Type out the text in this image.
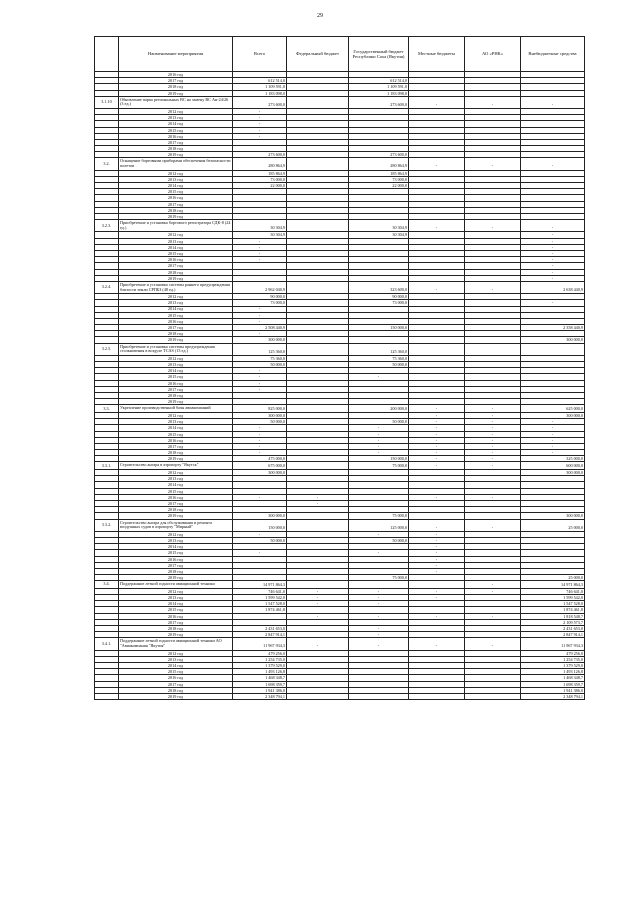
29
	Наименование мероприятия	Всего	Федеральный бюджет	Государственный бюджет Республики Саха (Якутия)	Местные бюджеты	АО «РНК»	Внебюджетные средства
	2016 год						
	2017 год	612 514,0		612 514,0			
	2018 год	1 109 591,0		1 109 591,0			
	2019 год	1 183 098,0		1 183 098,0			
3.1.10	Обновление парка региональных ВС на замену ВС Ан-24/26 (3 ед.)	273 600,0		273 600,0	-	-	-
	2012 год	-					
	2013 год	-					
	2014 год	-					
	2015 год	-					
	2016 год	-					
	2017 год						
	2018 год						
	2019 год	273 600,0		273 600,0			
3.2.	Оснащение бортовыми приборами обеспечения безопасности полетов	280 864,9		280 864,9	-	-	-
	2012 год	185 864,9		185 864,9			
	2013 год	73 000,0		73 000,0			
	2014 год	22 000,0		22 000,0			
	2015 год						
	2016 год						
	2017 год						
	2018 год						
	2019 год						
3.2.3.	Приобретение и установка бортового регистратора СДК-8 (24 ед.)	30 304,9		30 304,9	-	-	-
	2012 год	30 304,9		30 304,9			-
	2013 год	-					-
	2014 год	-					-
	2015 год	-					-
	2016 год	-					-
	2017 год						-
	2018 год						-
	2019 год						-
3.2.4.	Приобретение и установка системы раннего предупреждения близости земли СРПБЗ (48 ед.)	2 962 040,9		323 600,0	-	-	2 638 440,9
	2012 год	90 000,0		90 000,0			
	2013 год	73 000,0		73 000,0			-
	2014 год	-					
	2015 год	-					
	2016 год	-					
	2017 год	2 508 440,9		150 000,0			2 358 440,9
	2018 год	-					
	2019 год	300 000,0					300 000,0
3.2.5.	Приобретение и установка системы предупреждения столкновения в воздухе TCAS (13 ед.)	125 360,0		125 360,0			
	2012 год	75 360,0		75 360,0			
	2013 год	50 000,0		50 000,0			
	2014 год	-					
	2015 год	-		-			
	2016 год	-					
	2017 год	-					
	2018 год						
	2019 год						
3.3.	Укрепление производственной базы авиакомпаний	825 000,0		200 000,0	-	-	625 000,0
	2012 год	300 000,0			-	-	300 000,0
	2013 год	50 000,0		50 000,0	-	-	-
	2014 год	-		-	-	-	-
	2015 год	-		-	-	-	-
	2016 год	-		-	-	-	-
	2017 год	-		-	-	-	-
	2018 год	-		-	-	-	-
	2019 год	475 000,0		150 000,0	-	-	325 000,0
3.3.1.	Строительство ангара в аэропорту "Якутск"	675 000,0		75 000,0	-	-	600 000,0
	2012 год	300 000,0					300 000,0
	2013 год						
	2014 год						
	2015 год						
	2016 год	-	-		-	-	
	2017 год		-				
	2018 год						
	2019 год	300 000,0		75 000,0			300 000,0
3.3.2.	Строительство ангара для обслуживания и ремонта воздушных судов в аэропорту "Мирный"	150 000,0		125 000,0	-	-	25 000,0
	2012 год	-		-	-		
	2013 год	50 000,0		50 000,0	-		
	2014 год				-		
	2015 год	-		-	-		
	2016 год				-		
	2017 год				-		
	2018 год				-		
	2019 год			75 000,0			25 000,0
3.4.	Поддержание летной годности авиационной техники	14 971 864,3				-	14 971 864,3
	2012 год	746 641,0	-	-	-	-	746 641,0
	2013 год	1 599 542,0	-	-	-		1 599 542,0
	2014 год	1 547 528,0	-	-			1 547 528,0
	2015 год	1 874 461,8					1 874 461,8
	2016 год		-	-	-	-	1 818 548,7
	2017 год						2 109 573,7
	2018 год	2 431 653,0		-			2 431 653,0
	2019 год	2 847 914,1		-			2 847 914,1
3.4.1.	Поддержание летной годности авиационной техники АО "Авиакомпания "Якутия"	11 967 934,3	-	-	-	-	11 967 934,3
	2012 год	479 256,0					479 256,0
	2013 год	1 254 735,0					1 254 735,0
	2014 год	1 379 529,0					1 379 529,0
	2015 год	1 493 126,8					1 493 126,8
	2016 год	1 468 348,7					1 468 348,7
	2017 год	1 698 359,7					1 698 359,7
	2018 год	1 941 386,0					1 941 386,0
	2019 год	2 348 794,1					2 348 794,1
